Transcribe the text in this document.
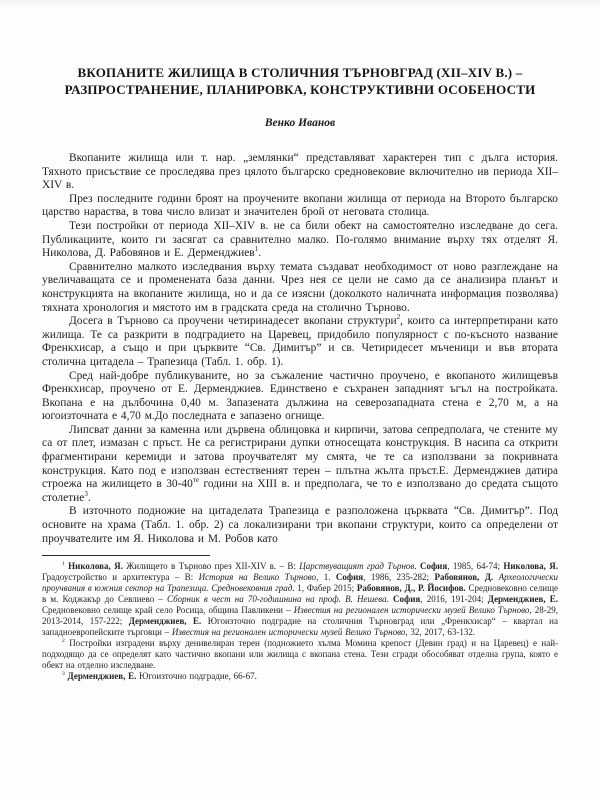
ВКОПАНИТЕ ЖИЛИЩА В СТОЛИЧНИЯ ТЪРНОВГРАД (XII–XIV В.) –
РАЗПРОСТРАНЕНИЕ, ПЛАНИРОВКА, КОНСТРУКТИВНИ ОСОБЕНОСТИ
Венко Иванов

Вкопаните жилища или т. нар. „землянки“ представляват характерен тип с дълга история. Тяхното присъствие се проследява през цялото българско средновековие включително ив периода XII–XIV в.

През последните години броят на проучените вкопани жилища от периода на Второто българско царство нараства, в това число влизат и значителен брой от неговата столица.

Тези постройки от периода XII–XIV в. не са били обект на самостоятелно изследване до сега. Публикациите, които ги засягат са сравнително малко. По-голямо внимание върху тях отделят Я. Николова, Д. Рабовянов и Е. Дерменджиев$^1$.

Сравнително малкото изследвания върху темата създават необходимост от ново разглеждане на увеличаващата се и променената база данни. Чрез нея се цели не само да се анализира планът и конструкцията на вкопаните жилища, но и да се изясни (доколкото наличната информация позволява) тяхната хронология и мястото им в градската среда на столично Търново.

Досега в Търново са проучени четиринадесет вкопани структури$^2$, които са интерпретирани като жилища. Те са разкрити в подградието на Царевец, придобило популярност с по-късното название Френкхисар, а също и при църквите “Св. Димитър” и св. Четиридесет мъченици и във втората столична цитадела – Трапезица (Табл. 1. обр. 1).

Сред най-добре публикуваните, но за съжаление частично проучено, е вкопаното жилищевъв Френкхисар, проучено от Е. Дерменджиев. Единствено е съхранен западният ъгъл на постройката. Вкопана е на дълбочина 0,40 м. Запазената дължина на северозападната стена е 2,70 м, а на югоизточната е 4,70 м.До последната е запазено огнище.

Липсват данни за каменна или дървена облицовка и кирпичи, затова сепредполага, че стените му са от плет, измазан с пръст. Не са регистрирани дупки относещата конструкция. В насипа са открити фрагментирани керемиди и затова проучвателят му смята, че те са използвани за покривната конструкция. Като под е използван естественият терен – плътна жълта пръст.Е. Дерменджиев датира строежа на жилището в $30-40^{те}$ години на XIII в. и предполага, че то е използвано до средата същото столетие$^3$.

В източното подножие на цитаделата Трапезица е разположена църквата “Св. Димитър”. Под основите на храма (Табл. 1. обр. 2) са локализирани три вкопани структури, които са определени от проучвателите им Я. Николова и М. Робов като

$^1$ Николова, Я. Жилището в Търново през XII-XIV в. – В: Царствуващият град Търнов. София, 1985, 64-74; Николова, Я. Градоустройство и архитектура – В: История на Велико Търново, 1. София, 1986, 235-282; Рабовянов, Д. Археологически проучвания в южния сектор на Трапезица. Средновековния град. 1, Фабер 2015; Рабовянов, Д., Р. Йосифов. Средновековно селище в м. Коджакър до Севлиево – Сборник в чест на 70-годишнина на проф. В. Нешева. София, 2016, 191-204; Дерменджиев, Е. Средновековно селище край село Росица, община Павликени – Известия на регионален исторически музей Велико Търново, 28-29, 2013-2014, 157-222; Дерменджиев, Е. Югоизточно подградие на столичния Търновград или „Френкхисар“ – квартал на западноевропейските търговци – Известия на регионален исторически музей Велико Търново, 32, 2017, 63-132.

$^2$ Постройки изградени върху денивелиран терен (подножието хълма Момина крепост (Девин град) и на Царевец) е най-подходящо да се определят като частично вкопани или жилища с вкопана стена. Тези сгради обособяват отделна група, която е обект на отделно изследване.

$^3$ Дерменджиев, Е. Югоизточно подградие, 66-67.
